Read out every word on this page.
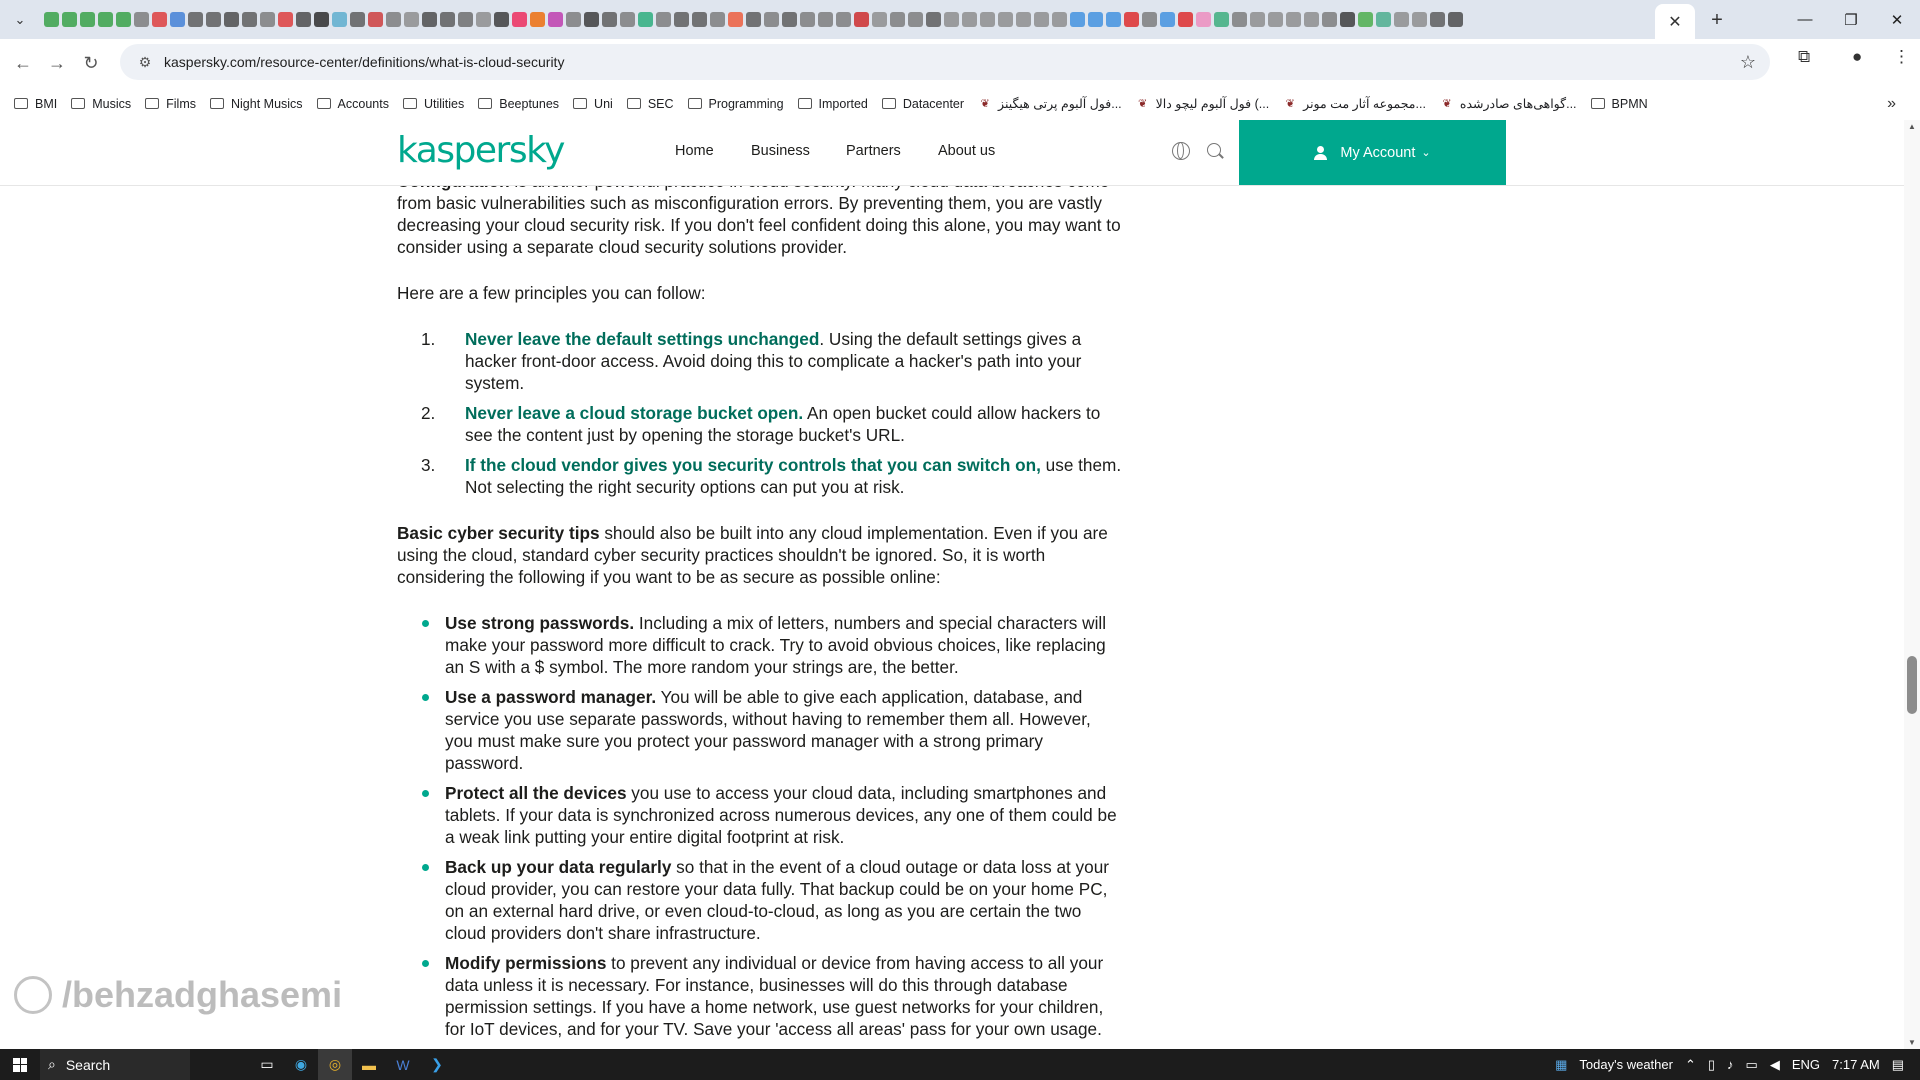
⌄	✕	+	—	❐	✕
← → ↻	⚙ kaspersky.com/resource-center/definitions/what-is-cloud-security	☆ ⧉ ● ⋮
BMI	Musics	Films	Night Musics	Accounts	Utilities	Beeptunes	Uni	SEC	Programming	Imported	Datacenter ❦ فول آلبوم پرتی هیگینز... ❦ فول آلبوم لیچو دالا (... ❦ مجموعه آثار مت مونر... ❦ گواهی‌های صادرشده...	BPMN	»
kaspersky	Home	Business Partners	About us	My Account ⌄

from basic vulnerabilities such as misconfiguration errors. By preventing them, you are vastly decreasing your cloud security risk. If you don't feel confident doing this alone, you may want to consider using a separate cloud security solutions provider.

Here are a few principles you can follow:

1. Never leave the default settings unchanged. Using the default settings gives a hacker front-door access. Avoid doing this to complicate a hacker's path into your system.
2. Never leave a cloud storage bucket open. An open bucket could allow hackers to see the content just by opening the storage bucket's URL.
3. If the cloud vendor gives you security controls that you can switch on, use them. Not selecting the right security options can put you at risk.

Basic cyber security tips should also be built into any cloud implementation. Even if you are using the cloud, standard cyber security practices shouldn't be ignored. So, it is worth considering the following if you want to be as secure as possible online:

Use strong passwords. Including a mix of letters, numbers and special characters will make your password more difficult to crack. Try to avoid obvious choices, like replacing an S with a $ symbol. The more random your strings are, the better.
Use a password manager. You will be able to give each application, database, and service you use separate passwords, without having to remember them all. However, you must make sure you protect your password manager with a strong primary password.
Protect all the devices you use to access your cloud data, including smartphones and tablets. If your data is synchronized across numerous devices, any one of them could be a weak link putting your entire digital footprint at risk.
Back up your data regularly so that in the event of a cloud outage or data loss at your cloud provider, you can restore your data fully. That backup could be on your home PC, on an external hard drive, or even cloud-to-cloud, as long as you are certain the two cloud providers don't share infrastructure.
Modify permissions to prevent any individual or device from having access to all your data unless it is necessary. For instance, businesses will do this through database permission settings. If you have a home network, use guest networks for your children, for IoT devices, and for your TV. Save your 'access all areas' pass for your own usage.
▲
▼
/behzadghasemi
⌕ Search	▭	◉	◎	▬	W	❯	▦ Today's weather ⌃ ▯ ♪ ▭ ◀ ENG 7:17 AM ▤
